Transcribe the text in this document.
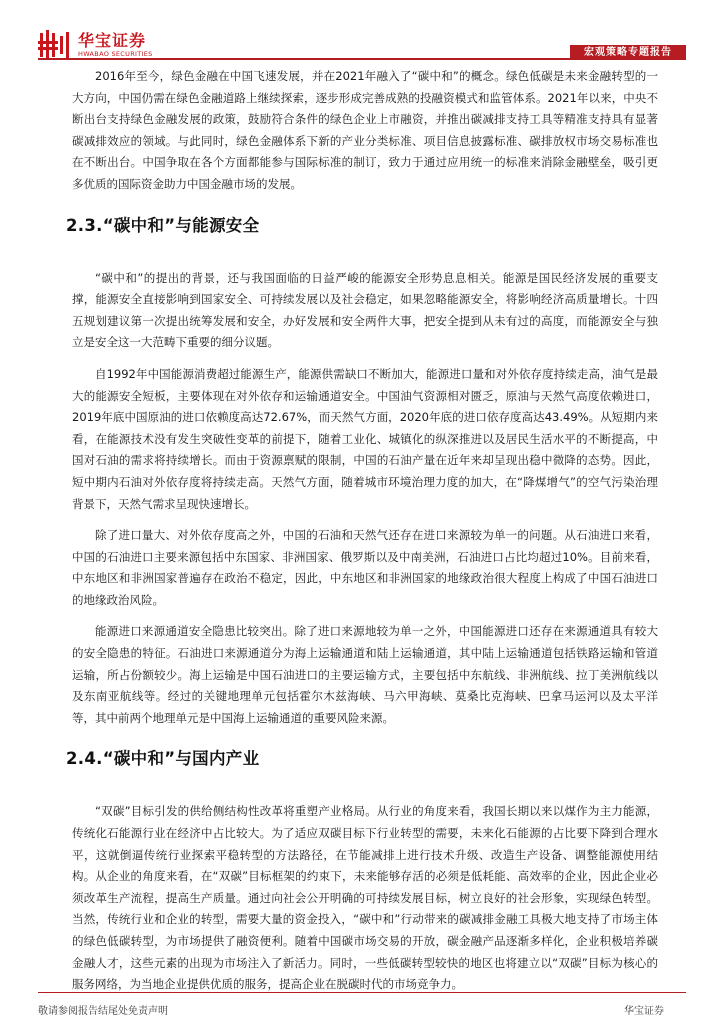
华宝证券
HWABAO SECURITIES	宏观策略专题报告

2016年至今，绿色金融在中国飞速发展，并在2021年融入了“碳中和”的概念。绿色低碳是未来金融转型的一大方向，中国仍需在绿色金融道路上继续探索，逐步形成完善成熟的投融资模式和监管体系。2021年以来，中央不断出台支持绿色金融发展的政策，鼓励符合条件的绿色企业上市融资，并推出碳减排支持工具等精准支持具有显著碳减排效应的领域。与此同时，绿色金融体系下新的产业分类标准、项目信息披露标准、碳排放权市场交易标准也在不断出台。中国争取在各个方面都能参与国际标准的制订，致力于通过应用统一的标准来消除金融壁垒，吸引更多优质的国际资金助力中国金融市场的发展。

2.3.“碳中和”与能源安全

“碳中和”的提出的背景，还与我国面临的日益严峻的能源安全形势息息相关。能源是国民经济发展的重要支撑，能源安全直接影响到国家安全、可持续发展以及社会稳定，如果忽略能源安全，将影响经济高质量增长。十四五规划建议第一次提出统筹发展和安全，办好发展和安全两件大事，把安全提到从未有过的高度，而能源安全与独立是安全这一大范畴下重要的细分议题。

自1992年中国能源消费超过能源生产，能源供需缺口不断加大，能源进口量和对外依存度持续走高，油气是最大的能源安全短板，主要体现在对外依存和运输通道安全。中国油气资源相对匮乏，原油与天然气高度依赖进口，2019年底中国原油的进口依赖度高达72.67%，而天然气方面，2020年底的进口依存度高达43.49%。从短期内来看，在能源技术没有发生突破性变革的前提下，随着工业化、城镇化的纵深推进以及居民生活水平的不断提高，中国对石油的需求将持续增长。而由于资源禀赋的限制，中国的石油产量在近年来却呈现出稳中微降的态势。因此，短中期内石油对外依存度将持续走高。天然气方面，随着城市环境治理力度的加大，在“降煤增气”的空气污染治理背景下，天然气需求呈现快速增长。

除了进口量大、对外依存度高之外，中国的石油和天然气还存在进口来源较为单一的问题。从石油进口来看，中国的石油进口主要来源包括中东国家、非洲国家、俄罗斯以及中南美洲，石油进口占比均超过10%。目前来看，中东地区和非洲国家普遍存在政治不稳定，因此，中东地区和非洲国家的地缘政治很大程度上构成了中国石油进口的地缘政治风险。

能源进口来源通道安全隐患比较突出。除了进口来源地较为单一之外，中国能源进口还存在来源通道具有较大的安全隐患的特征。石油进口来源通道分为海上运输通道和陆上运输通道，其中陆上运输通道包括铁路运输和管道运输，所占份额较少。海上运输是中国石油进口的主要运输方式，主要包括中东航线、非洲航线、拉丁美洲航线以及东南亚航线等。经过的关键地理单元包括霍尔木兹海峡、马六甲海峡、莫桑比克海峡、巴拿马运河以及太平洋等，其中前两个地理单元是中国海上运输通道的重要风险来源。

2.4.“碳中和”与国内产业

“双碳”目标引发的供给侧结构性改革将重塑产业格局。从行业的角度来看，我国长期以来以煤作为主力能源，传统化石能源行业在经济中占比较大。为了适应双碳目标下行业转型的需要，未来化石能源的占比要下降到合理水平，这就倒逼传统行业探索平稳转型的方法路径，在节能减排上进行技术升级、改造生产设备、调整能源使用结构。从企业的角度来看，在“双碳”目标框架的约束下，未来能够存活的必须是低耗能、高效率的企业，因此企业必须改革生产流程，提高生产质量。通过向社会公开明确的可持续发展目标，树立良好的社会形象，实现绿色转型。当然，传统行业和企业的转型，需要大量的资金投入，“碳中和”行动带来的碳减排金融工具极大地支持了市场主体的绿色低碳转型，为市场提供了融资便利。随着中国碳市场交易的开放，碳金融产品逐渐多样化，企业积极培养碳金融人才，这些元素的出现为市场注入了新活力。同时，一些低碳转型较快的地区也将建立以“双碳”目标为核心的服务网络，为当地企业提供优质的服务，提高企业在脱碳时代的市场竞争力。

敬请参阅报告结尾处免责声明	华宝证券
